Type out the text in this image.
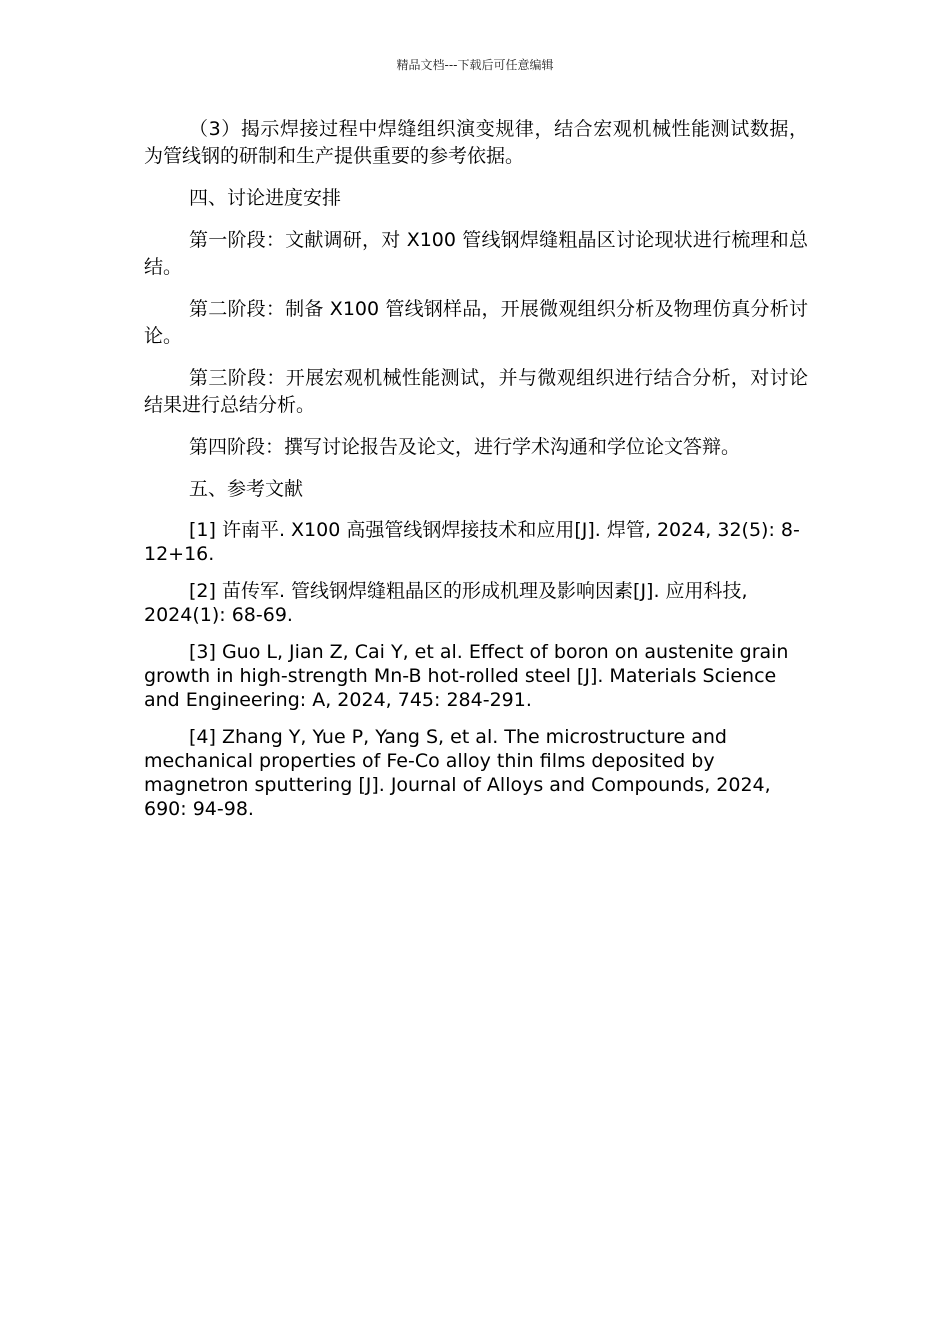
精品文档---下载后可任意编辑

（3）揭示焊接过程中焊缝组织演变规律，结合宏观机械性能测试数据，为管线钢的研制和生产提供重要的参考依据。

四、讨论进度安排

第一阶段：文献调研，对 X100 管线钢焊缝粗晶区讨论现状进行梳理和总结。

第二阶段：制备 X100 管线钢样品，开展微观组织分析及物理仿真分析讨论。

第三阶段：开展宏观机械性能测试，并与微观组织进行结合分析，对讨论结果进行总结分析。

第四阶段：撰写讨论报告及论文，进行学术沟通和学位论文答辩。

五、参考文献

[1] 许南平. X100 高强管线钢焊接技术和应用[J]. 焊管, 2024, 32(5): 8-12+16.

[2] 苗传军. 管线钢焊缝粗晶区的形成机理及影响因素[J]. 应用科技, 2024(1): 68-69.

[3] Guo L, Jian Z, Cai Y, et al. Effect of boron on austenite grain growth in high-strength Mn-B hot-rolled steel [J]. Materials Science and Engineering: A, 2024, 745: 284-291.

[4] Zhang Y, Yue P, Yang S, et al. The microstructure and mechanical properties of Fe-Co alloy thin films deposited by magnetron sputtering [J]. Journal of Alloys and Compounds, 2024, 690: 94-98.
